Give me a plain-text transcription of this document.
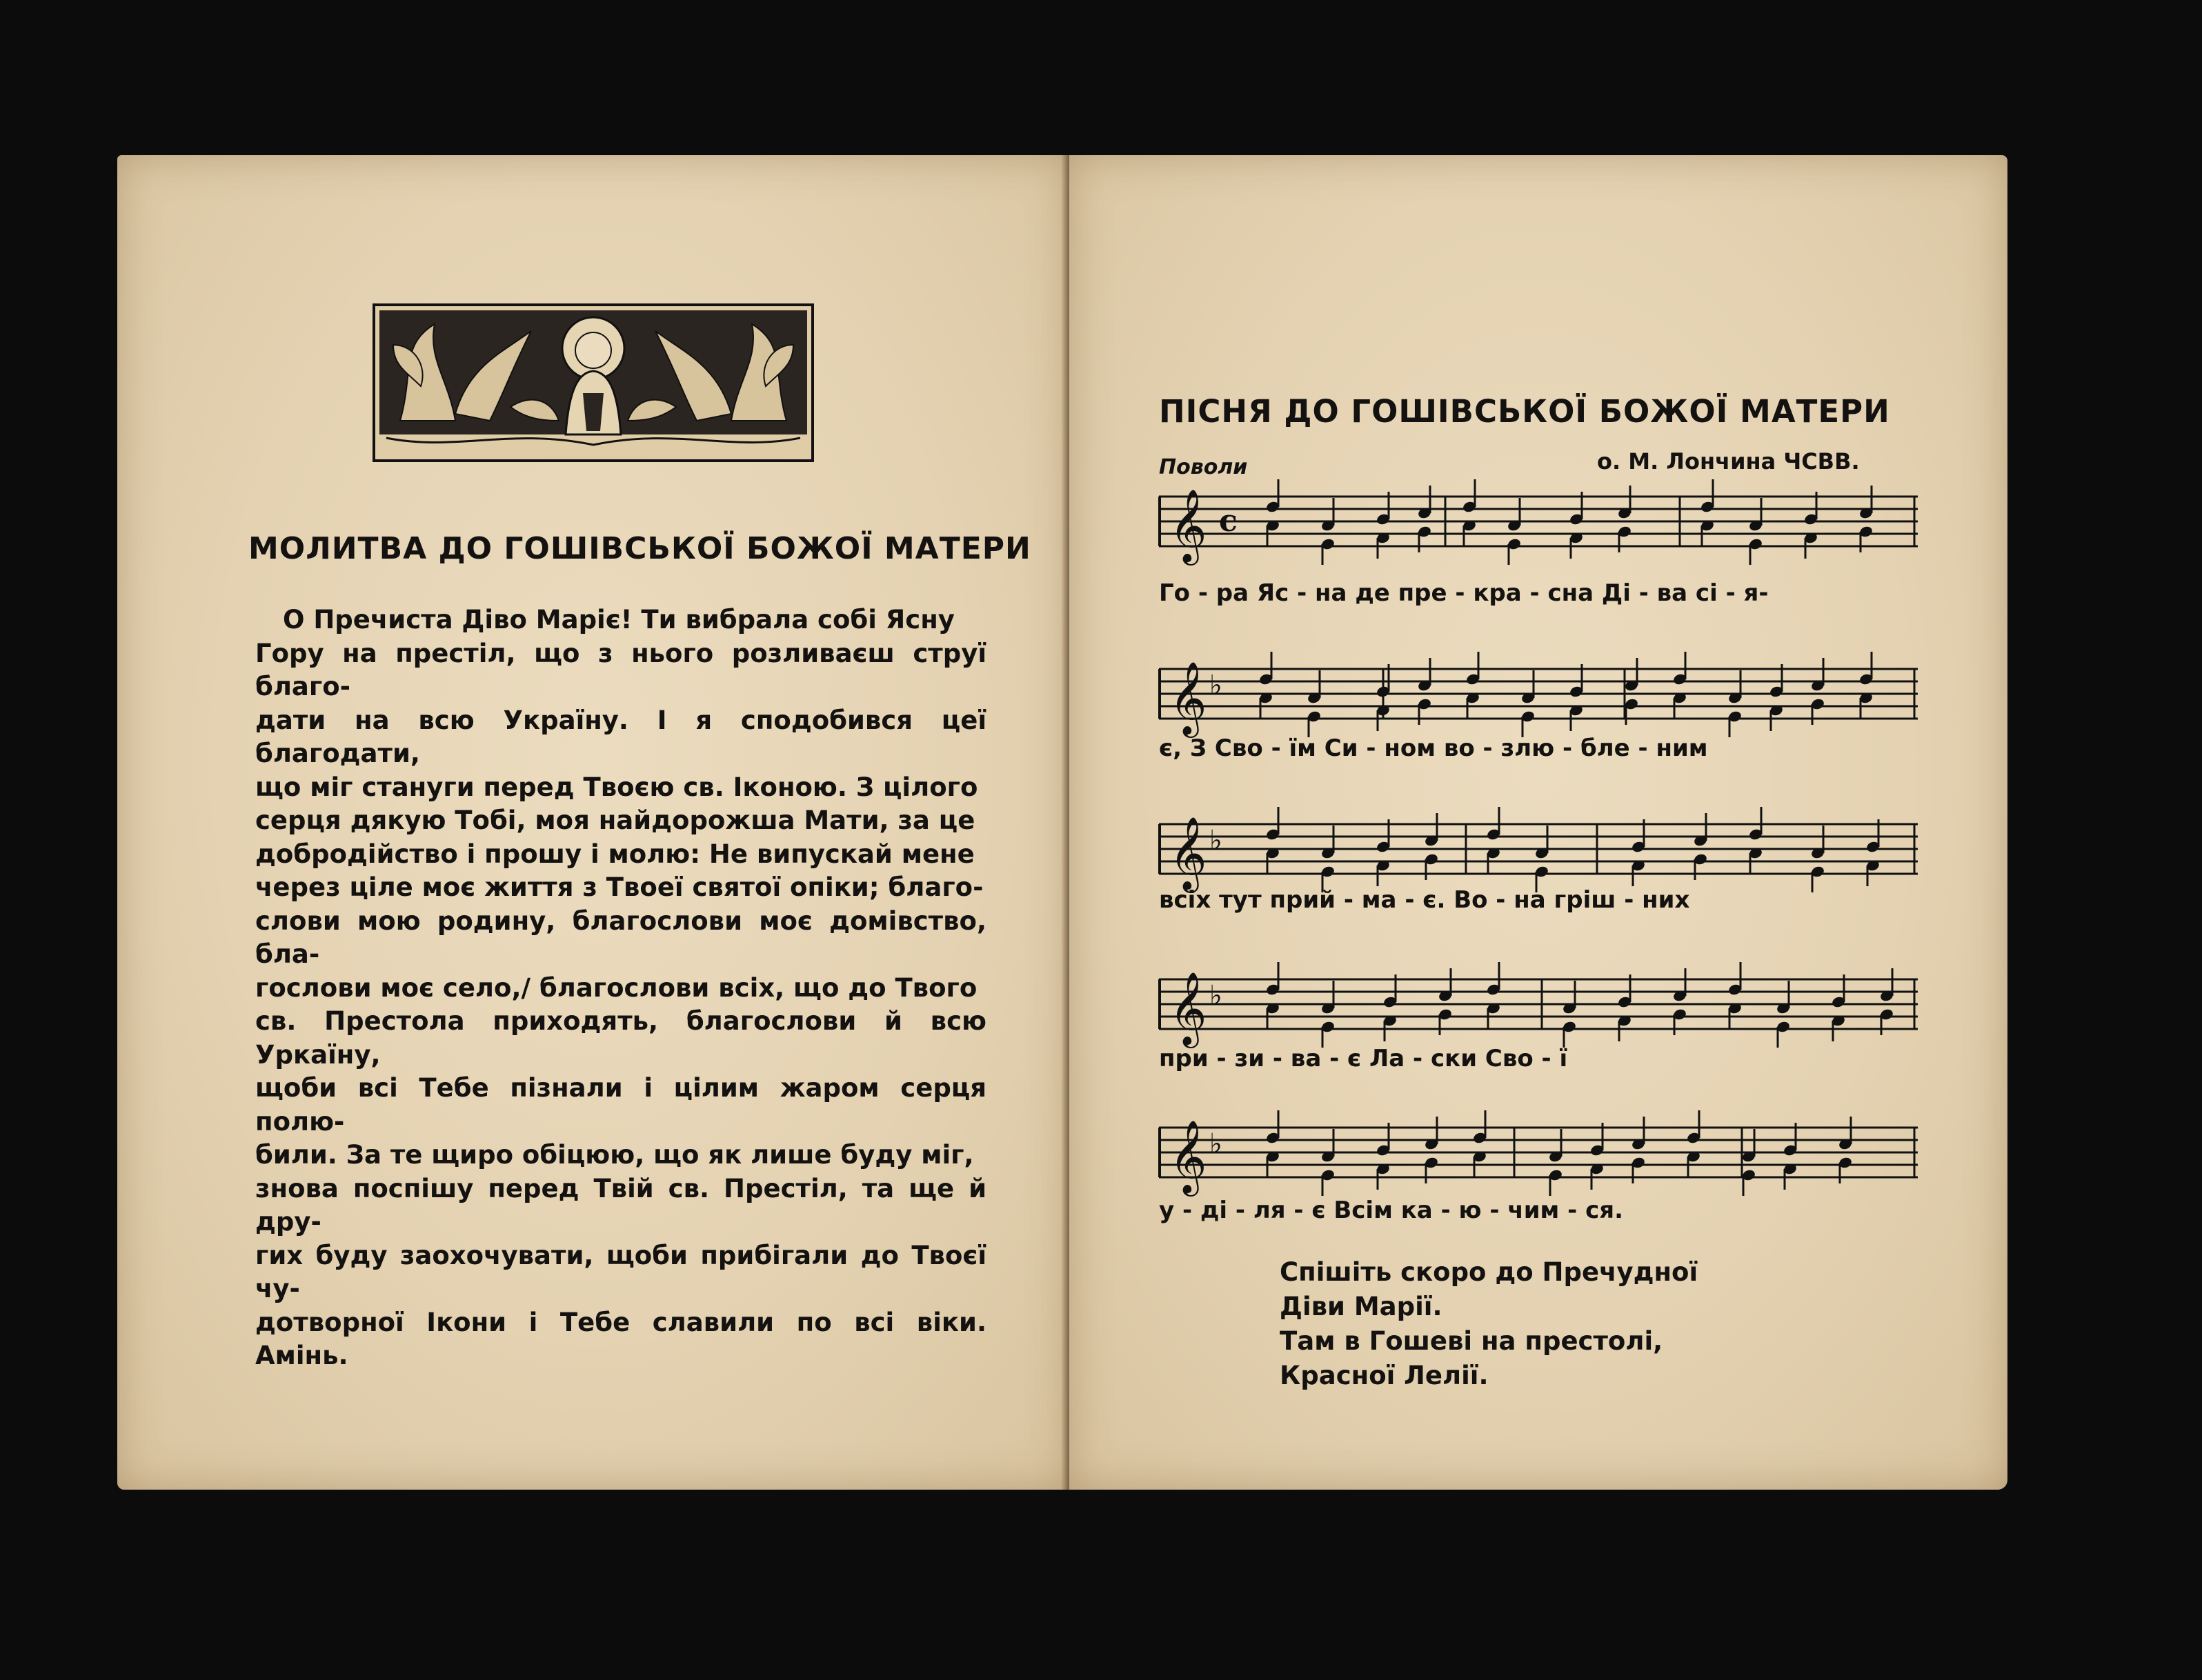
МОЛИТВА ДО ГОШІВСЬКОЇ БОЖОЇ МАТЕРИ

О Пречиста Діво Маріє! Ти вибрала собі Ясну

Гору на престіл, що з нього розливаєш струї благо-
дати на всю Україну. І я сподобився цеї благодати,
що міг стануги перед Твоєю св. Іконою. З цілого
серця дякую Тобі, моя найдорожша Мати, за це
добродійство і прошу і молю: Не випускай мене
через ціле моє життя з Твоеї святої опіки; благо-
слови мою родину, благослови моє домівство, бла-
гослови моє село,/ благослови всіх, що до Твого
св. Престола приходять, благослови й всю Уркаїну,
щоби всі Тебе пізнали і цілим жаром серця полю-
били. За те щиро обіцюю, що як лише буду міг,
знова поспішу перед Твій св. Престіл, та ще й дру-
гих буду заохочувати, щоби прибігали до Твоєї чу-
дотворної Ікони і Тебе славили по всі віки. Амінь.
ПІСНЯ ДО ГОШІВСЬКОЇ БОЖОЇ МАТЕРИ
Поволи	о. М. Лончина ЧСВВ.
𝄞 c
Го - ра Яс - на де пре - кра - сна Ді - ва сі - я-
𝄞 ♭
є, З Сво - їм Си - ном во - злю - бле - ним
𝄞 ♭
всіх тут прий - ма - є. Во - на гріш - них
𝄞 ♭
при - зи - ва - є Ла - ски Сво - ї
𝄞 ♭
у - ді - ля - є Всім ка - ю - чим - ся.
Спішіть скоро до Пречудної
Діви Марії.
Там в Гошеві на престолі,
Красної Лелії.
